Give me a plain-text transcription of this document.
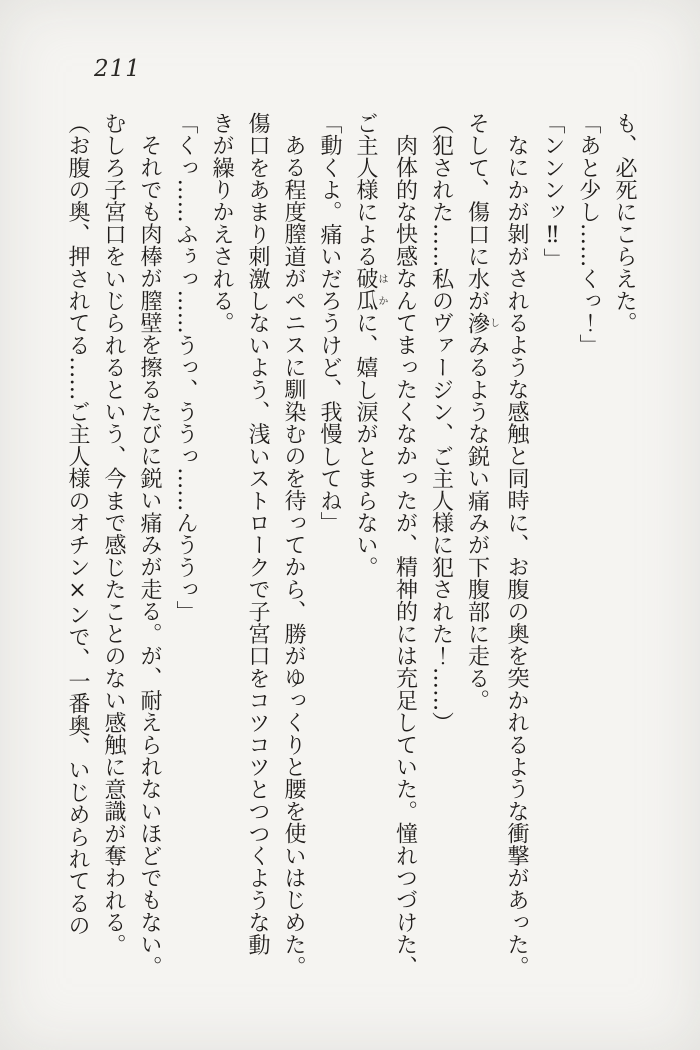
211
も、必死にこらえた。
「あと少し……くっ！」
「ンンンッ‼」
なにかが剝がされるような感触と同時に、お腹の奥を突かれるような衝撃があった。
そして、傷口に水が滲しみるような鋭い痛みが下腹部に走る。
（犯された……私のヴァージン、ご主人様に犯された！……）
肉体的な快感なんてまったくなかったが、精神的には充足していた。憧れつづけた、
ご主人様による破瓜はかに、嬉し涙がとまらない。
「動くよ。痛いだろうけど、我慢してね」
ある程度膣道がペニスに馴染むのを待ってから、勝がゆっくりと腰を使いはじめた。
傷口をあまり刺激しないよう、浅いストロークで子宮口をコツコツとつつくような動
きが繰りかえされる。
「くっ……ふぅっ……うっ、ううっ……んううっ」
それでも肉棒が膣壁を擦るたびに鋭い痛みが走る。が、耐えられないほどでもない。
むしろ子宮口をいじられるという、今まで感じたことのない感触に意識が奪われる。
（お腹の奥、押されてる……ご主人様のオチン×ンで、一番奥、いじめられてるの
